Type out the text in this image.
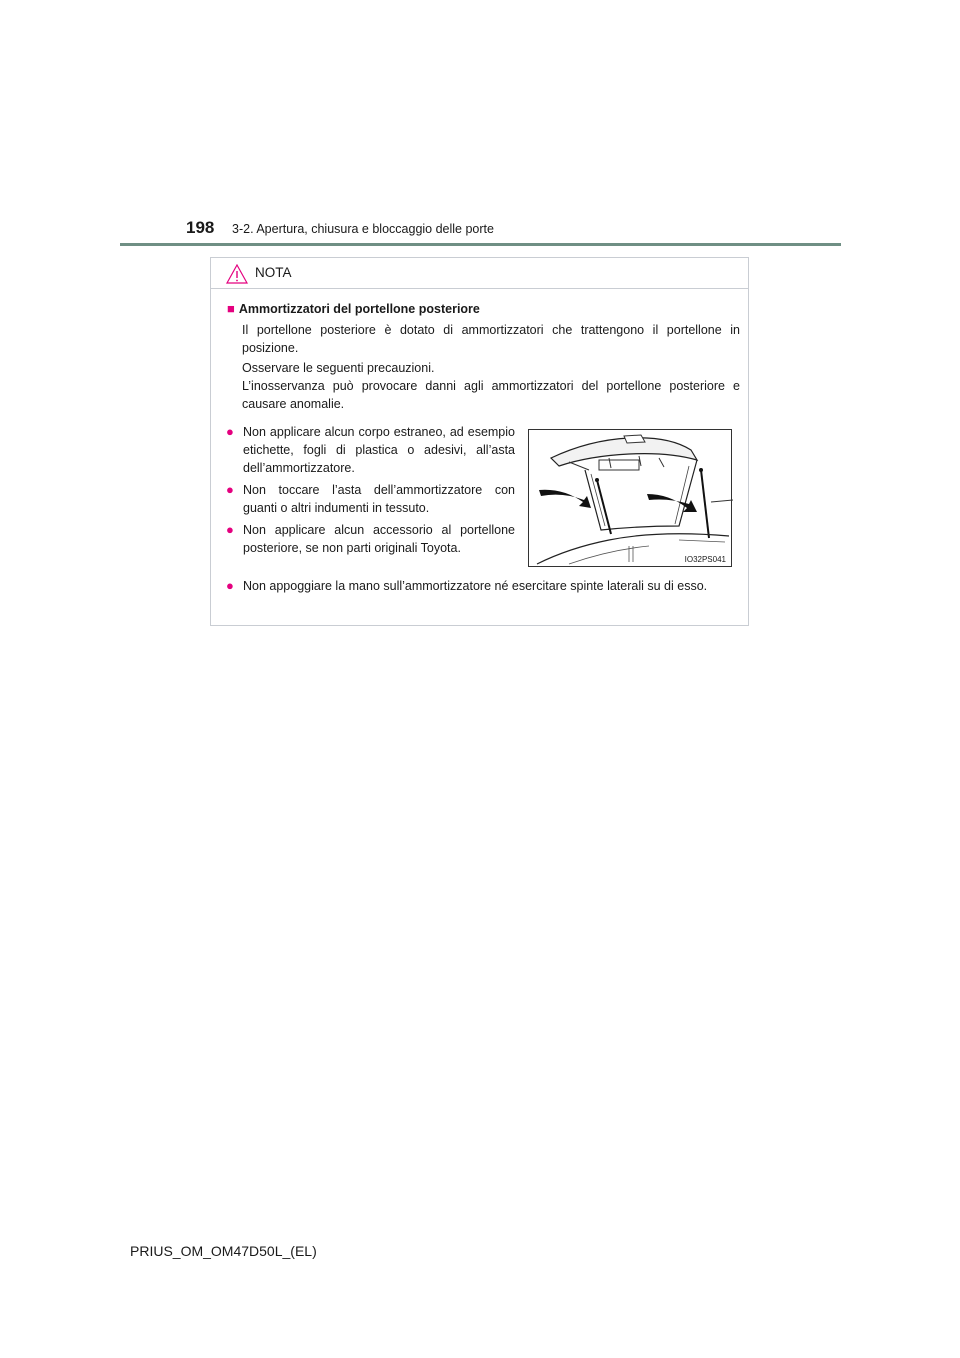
198 3-2. Apertura, chiusura e bloccaggio delle porte
NOTA
■ Ammortizzatori del portellone posteriore
Il portellone posteriore è dotato di ammortizzatori che trattengono il portellone in posizione.
Osservare le seguenti precauzioni.
L’inosservanza può provocare danni agli ammortizzatori del portellone posteriore e causare anomalie.
● Non applicare alcun corpo estraneo, ad esempio etichette, fogli di plastica o adesivi, all’asta dell’ammortizzatore.
● Non toccare l’asta dell’ammortizzatore con guanti o altri indumenti in tessuto.
● Non applicare alcun accessorio al portellone posteriore, se non parti originali Toyota.
IO32PS041
● Non appoggiare la mano sull’ammortizzatore né esercitare spinte laterali su di esso.
PRIUS_OM_OM47D50L_(EL)
